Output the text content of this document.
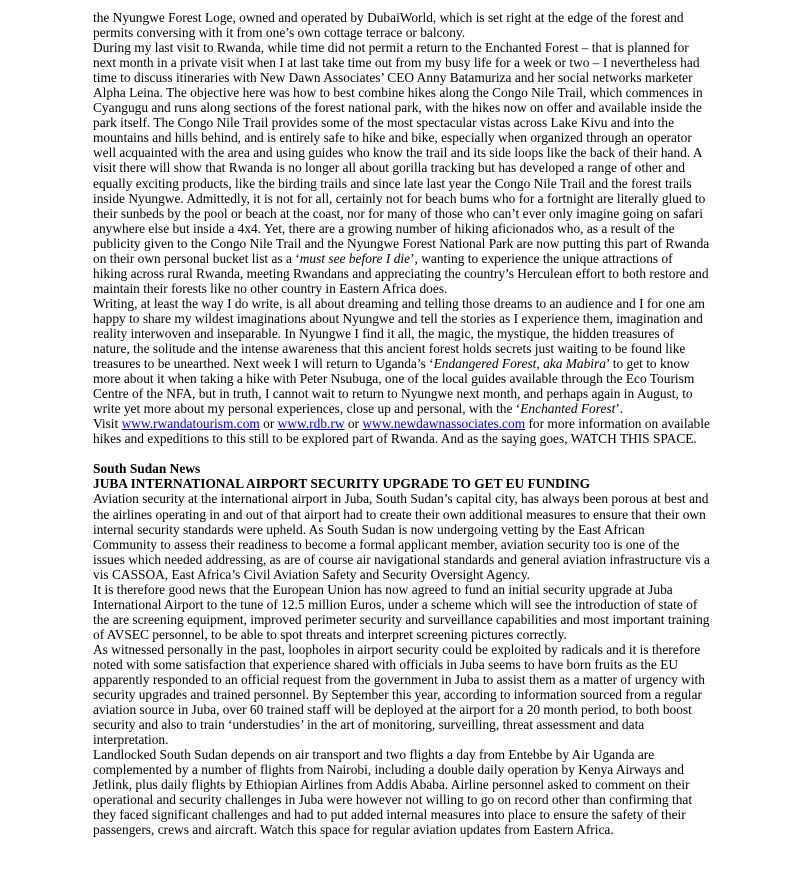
the Nyungwe Forest Loge, owned and operated by DubaiWorld, which is set right at the edge of the forest and permits conversing with it from one’s own cottage terrace or balcony.

During my last visit to Rwanda, while time did not permit a return to the Enchanted Forest – that is planned for next month in a private visit when I at last take time out from my busy life for a week or two – I nevertheless had time to discuss itineraries with New Dawn Associates’ CEO Anny Batamuriza and her social networks marketer Alpha Leina. The objective here was how to best combine hikes along the Congo Nile Trail, which commences in Cyangugu and runs along sections of the forest national park, with the hikes now on offer and available inside the park itself. The Congo Nile Trail provides some of the most spectacular vistas across Lake Kivu and into the mountains and hills behind, and is entirely safe to hike and bike, especially when organized through an operator well acquainted with the area and using guides who know the trail and its side loops like the back of their hand. A visit there will show that Rwanda is no longer all about gorilla tracking but has developed a range of other and equally exciting products, like the birding trails and since late last year the Congo Nile Trail and the forest trails inside Nyungwe. Admittedly, it is not for all, certainly not for beach bums who for a fortnight are literally glued to their sunbeds by the pool or beach at the coast, nor for many of those who can’t ever only imagine going on safari anywhere else but inside a 4x4. Yet, there are a growing number of hiking aficionados who, as a result of the publicity given to the Congo Nile Trail and the Nyungwe Forest National Park are now putting this part of Rwanda on their own personal bucket list as a ‘must see before I die’, wanting to experience the unique attractions of hiking across rural Rwanda, meeting Rwandans and appreciating the country’s Herculean effort to both restore and maintain their forests like no other country in Eastern Africa does.

Writing, at least the way I do write, is all about dreaming and telling those dreams to an audience and I for one am happy to share my wildest imaginations about Nyungwe and tell the stories as I experience them, imagination and reality interwoven and inseparable. In Nyungwe I find it all, the magic, the mystique, the hidden treasures of nature, the solitude and the intense awareness that this ancient forest holds secrets just waiting to be found like treasures to be unearthed. Next week I will return to Uganda’s ‘Endangered Forest, aka Mabira’ to get to know more about it when taking a hike with Peter Nsubuga, one of the local guides available through the Eco Tourism Centre of the NFA, but in truth, I cannot wait to return to Nyungwe next month, and perhaps again in August, to write yet more about my personal experiences, close up and personal, with the ‘Enchanted Forest’.

Visit www.rwandatourism.com or www.rdb.rw or www.newdawnassociates.com for more information on available hikes and expeditions to this still to be explored part of Rwanda. And as the saying goes, WATCH THIS SPACE.

South Sudan News

JUBA INTERNATIONAL AIRPORT SECURITY UPGRADE TO GET EU FUNDING

Aviation security at the international airport in Juba, South Sudan’s capital city, has always been porous at best and the airlines operating in and out of that airport had to create their own additional measures to ensure that their own internal security standards were upheld. As South Sudan is now undergoing vetting by the East African Community to assess their readiness to become a formal applicant member, aviation security too is one of the issues which needed addressing, as are of course air navigational standards and general aviation infrastructure vis a vis CASSOA, East Africa’s Civil Aviation Safety and Security Oversight Agency.

It is therefore good news that the European Union has now agreed to fund an initial security upgrade at Juba International Airport to the tune of 12.5 million Euros, under a scheme which will see the introduction of state of the are screening equipment, improved perimeter security and surveillance capabilities and most important training of AVSEC personnel, to be able to spot threats and interpret screening pictures correctly.

As witnessed personally in the past, loopholes in airport security could be exploited by radicals and it is therefore noted with some satisfaction that experience shared with officials in Juba seems to have born fruits as the EU apparently responded to an official request from the government in Juba to assist them as a matter of urgency with security upgrades and trained personnel. By September this year, according to information sourced from a regular aviation source in Juba, over 60 trained staff will be deployed at the airport for a 20 month period, to both boost security and also to train ‘understudies’ in the art of monitoring, surveilling, threat assessment and data interpretation.

Landlocked South Sudan depends on air transport and two flights a day from Entebbe by Air Uganda are complemented by a number of flights from Nairobi, including a double daily operation by Kenya Airways and Jetlink, plus daily flights by Ethiopian Airlines from Addis Ababa. Airline personnel asked to comment on their operational and security challenges in Juba were however not willing to go on record other than confirming that they faced significant challenges and had to put added internal measures into place to ensure the safety of their passengers, crews and aircraft. Watch this space for regular aviation updates from Eastern Africa.
